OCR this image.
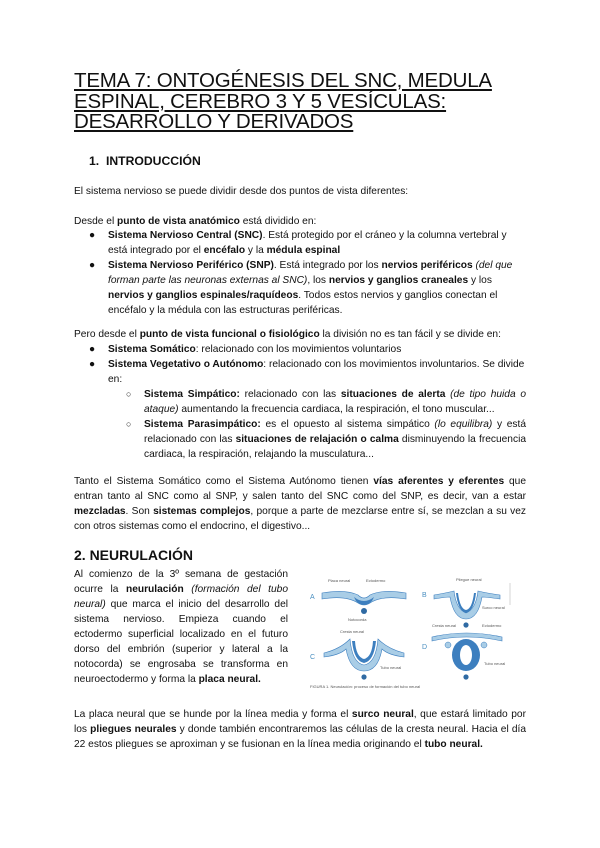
TEMA 7: ONTOGÉNESIS DEL SNC, MEDULA ESPINAL, CEREBRO 3 Y 5 VESÍCULAS: DESARROLLO Y DERIVADOS
1. INTRODUCCIÓN

El sistema nervioso se puede dividir desde dos puntos de vista diferentes:

Desde el punto de vista anatómico está dividido en:

● Sistema Nervioso Central (SNC). Está protegido por el cráneo y la columna vertebral y está integrado por el encéfalo y la médula espinal
● Sistema Nervioso Periférico (SNP). Está integrado por los nervios periféricos (del que forman parte las neuronas externas al SNC), los nervios y ganglios craneales y los nervios y ganglios espinales/raquídeos. Todos estos nervios y ganglios conectan el encéfalo y la médula con las estructuras periféricas.

Pero desde el punto de vista funcional o fisiológico la división no es tan fácil y se divide en:

● Sistema Somático: relacionado con los movimientos voluntarios
● Sistema Vegetativo o Autónomo: relacionado con los movimientos involuntarios. Se divide en:
○ Sistema Simpático: relacionado con las situaciones de alerta (de tipo huida o ataque) aumentando la frecuencia cardiaca, la respiración, el tono muscular...
○ Sistema Parasimpático: es el opuesto al sistema simpático (lo equilibra) y está relacionado con las situaciones de relajación o calma disminuyendo la frecuencia cardiaca, la respiración, relajando la musculatura...

Tanto el Sistema Somático como el Sistema Autónomo tienen vías aferentes y eferentes que entran tanto al SNC como al SNP, y salen tanto del SNC como del SNP, es decir, van a estar mezcladas. Son sistemas complejos, porque a parte de mezclarse entre sí, se mezclan a su vez con otros sistemas como el endocrino, el digestivo...

2. NEURULACIÓN

Al comienzo de la 3º semana de gestación ocurre la neurulación (formación del tubo neural) que marca el inicio del desarrollo del sistema nervioso. Empieza cuando el ectodermo superficial localizado en el futuro dorso del embrión (superior y lateral a la notocorda) se engrosaba se transforma en neuroectodermo y forma la placa neural.

A
Placa neural	Ectodermo
Notocorda
B
Pliegue neural
Surco neural
C
Cresta neural
Tubo neural
D
Ectodermo
Cresta neural
Tubo neural
FIGURA 1. Neurulación: proceso de formación del tubo neural

La placa neural que se hunde por la línea media y forma el surco neural, que estará limitado por los pliegues neurales y donde también encontraremos las células de la cresta neural. Hacia el día 22 estos pliegues se aproximan y se fusionan en la línea media originando el tubo neural.
